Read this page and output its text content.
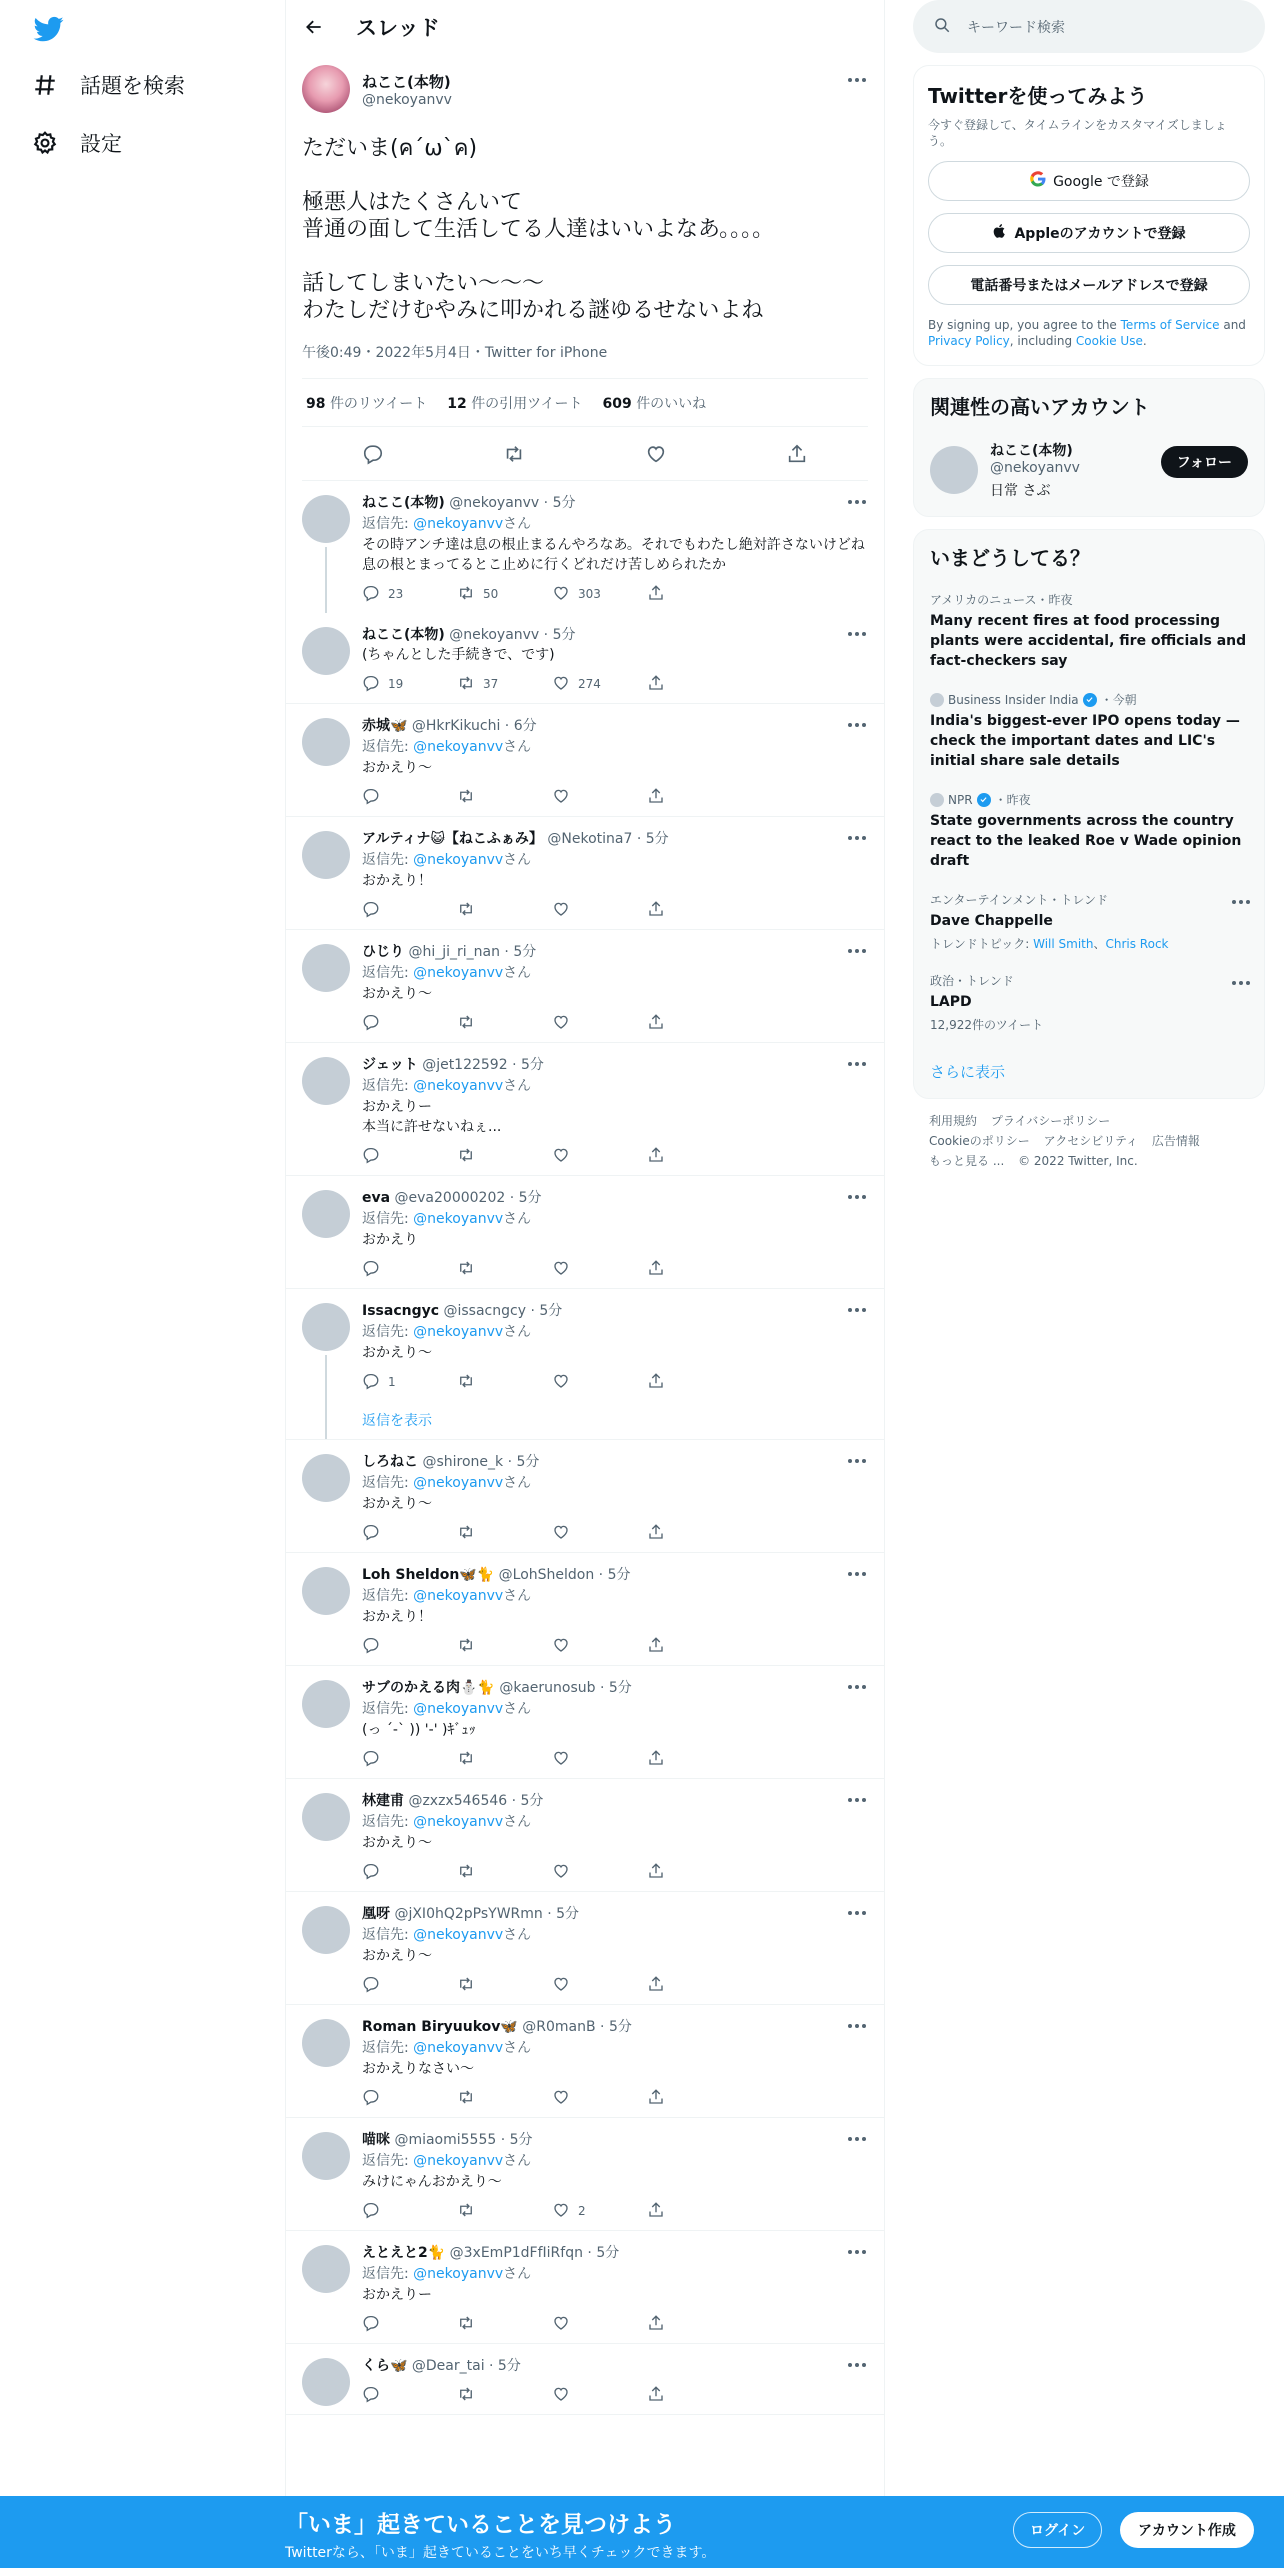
話題を検索
設定
スレッド
ねここ(本物)
@nekoyanvv
ただいま(ค´ω`ค)

極悪人はたくさんいて
普通の面して生活してる人達はいいよなあ。。。。

話してしまいたい～～～
わたしだけむやみに叩かれる謎ゆるせないよね
午後0:49・2022年5月4日・Twitter for iPhone
98 件のリツイート 12 件の引用ツイート 609 件のいいね
ねここ(本物) @nekoyanvv · 5分
返信先: @nekoyanvvさん
その時アンチ達は息の根止まるんやろなあ。それでもわたし絶対許さないけどね息の根とまってるとこ止めに行くどれだけ苦しめられたか
23	50	303
ねここ(本物) @nekoyanvv · 5分
(ちゃんとした手続きで、です)
19	37	274
赤城🦋 @HkrKikuchi · 6分
返信先: @nekoyanvvさん
おかえり〜
アルティナ😺【ねこふぁみ】 @Nekotina7 · 5分
返信先: @nekoyanvvさん
おかえり！
ひじり @hi_ji_ri_nan · 5分
返信先: @nekoyanvvさん
おかえり〜
ジェット @jet122592 · 5分
返信先: @nekoyanvvさん
おかえりー
本当に許せないねぇ...
eva @eva20000202 · 5分
返信先: @nekoyanvvさん
おかえり
Issacngyc @issacngcy · 5分
返信先: @nekoyanvvさん
おかえり～
1
返信を表示
しろねこ @shirone_k · 5分
返信先: @nekoyanvvさん
おかえり〜
Loh Sheldon🦋🐈 @LohSheldon · 5分
返信先: @nekoyanvvさん
おかえり！
サブのかえる肉⛄🐈 @kaerunosub · 5分
返信先: @nekoyanvvさん
(っ ´-` )) '-' )ｷﾞｭｯ
林建甫 @zxzx546546 · 5分
返信先: @nekoyanvvさん
おかえり〜
凰呀 @jXI0hQ2pPsYWRmn · 5分
返信先: @nekoyanvvさん
おかえり〜
Roman Biryuukov🦋 @R0manB · 5分
返信先: @nekoyanvvさん
おかえりなさい〜
喵咪 @miaomi5555 · 5分
返信先: @nekoyanvvさん
みけにゃんおかえり〜
2
えとえと2🐈 @3xEmP1dFfIiRfqn · 5分
返信先: @nekoyanvvさん
おかえりー
くら🦋 @Dear_tai · 5分
キーワード検索
Twitterを使ってみよう
今すぐ登録して、タイムラインをカスタマイズしましょう。
Google で登録
Appleのアカウントで登録
電話番号またはメールアドレスで登録
By signing up, you agree to the Terms of Service and Privacy Policy, including Cookie Use.
関連性の高いアカウント
ねここ(本物)
@nekoyanvv
日常 さぶ
フォロー
いまどうしてる？
アメリカのニュース・昨夜
Many recent fires at food processing plants were accidental, fire officials and fact-checkers say
Business Insider India ・今朝
India's biggest-ever IPO opens today — check the important dates and LIC's initial share sale details
NPR ・昨夜
State governments across the country react to the leaked Roe v Wade opinion draft
エンターテインメント・トレンド
Dave Chappelle
トレンドトピック: Will Smith、Chris Rock
政治・トレンド
LAPD
12,922件のツイート
さらに表示
利用規約 プライバシーポリシー
Cookieのポリシー アクセシビリティ 広告情報
もっと見る ... © 2022 Twitter, Inc.
「いま」起きていることを見つけよう
Twitterなら、「いま」起きていることをいち早くチェックできます。
ログイン	アカウント作成
